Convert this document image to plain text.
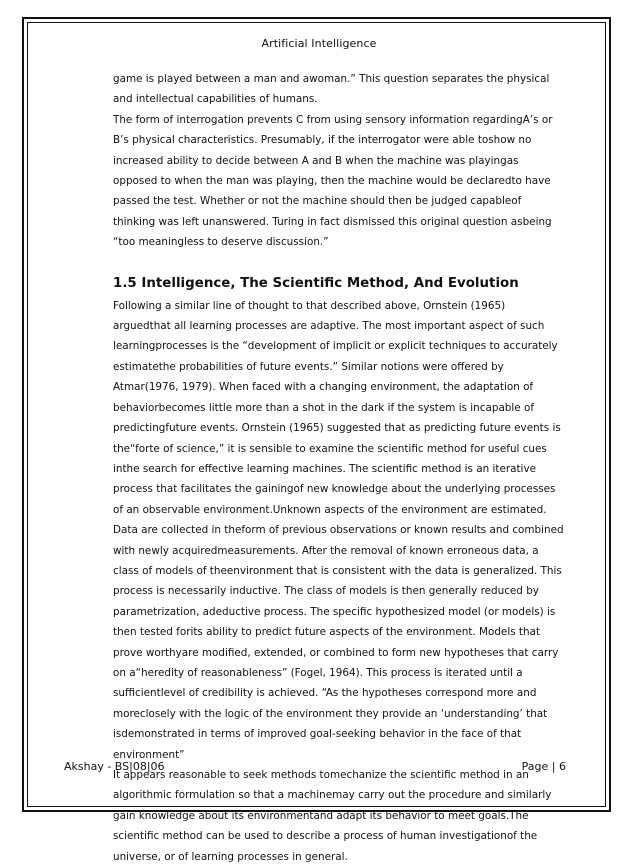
Artificial Intelligence

game is played between a man and awoman.” This question separates the physical and intellectual capabilities of humans.

The form of interrogation prevents C from using sensory information regardingA’s or B’s physical characteristics. Presumably, if the interrogator were able toshow no increased ability to decide between A and B when the machine was playingas opposed to when the man was playing, then the machine would be declaredto have passed the test. Whether or not the machine should then be judged capableof thinking was left unanswered. Turing in fact dismissed this original question asbeing “too meaningless to deserve discussion.”

1.5 Intelligence, The Scientific Method, And Evolution

Following a similar line of thought to that described above, Ornstein (1965) arguedthat all learning processes are adaptive. The most important aspect of such learningprocesses is the “development of implicit or explicit techniques to accurately estimatethe probabilities of future events.” Similar notions were offered by Atmar(1976, 1979). When faced with a changing environment, the adaptation of behaviorbecomes little more than a shot in the dark if the system is incapable of predictingfuture events. Ornstein (1965) suggested that as predicting future events is the“forte of science,” it is sensible to examine the scientific method for useful cues inthe search for effective learning machines. The scientific method is an iterative process that facilitates the gainingof new knowledge about the underlying processes of an observable environment.Unknown aspects of the environment are estimated. Data are collected in theform of previous observations or known results and combined with newly acquiredmeasurements. After the removal of known erroneous data, a class of models of theenvironment that is consistent with the data is generalized. This process is necessarily inductive. The class of models is then generally reduced by parametrization, adeductive process. The specific hypothesized model (or models) is then tested forits ability to predict future aspects of the environment. Models that prove worthyare modified, extended, or combined to form new hypotheses that carry on a“heredity of reasonableness” (Fogel, 1964). This process is iterated until a sufficientlevel of credibility is achieved. “As the hypotheses correspond more and moreclosely with the logic of the environment they provide an ‘understanding’ that isdemonstrated in terms of improved goal-seeking behavior in the face of that environment”

It appears reasonable to seek methods tomechanize the scientific method in an algorithmic formulation so that a machinemay carry out the procedure and similarly gain knowledge about its environmentand adapt its behavior to meet goals.The scientific method can be used to describe a process of human investigationof the universe, or of learning processes in general.

Akshay - BS|08|06	Page | 6
